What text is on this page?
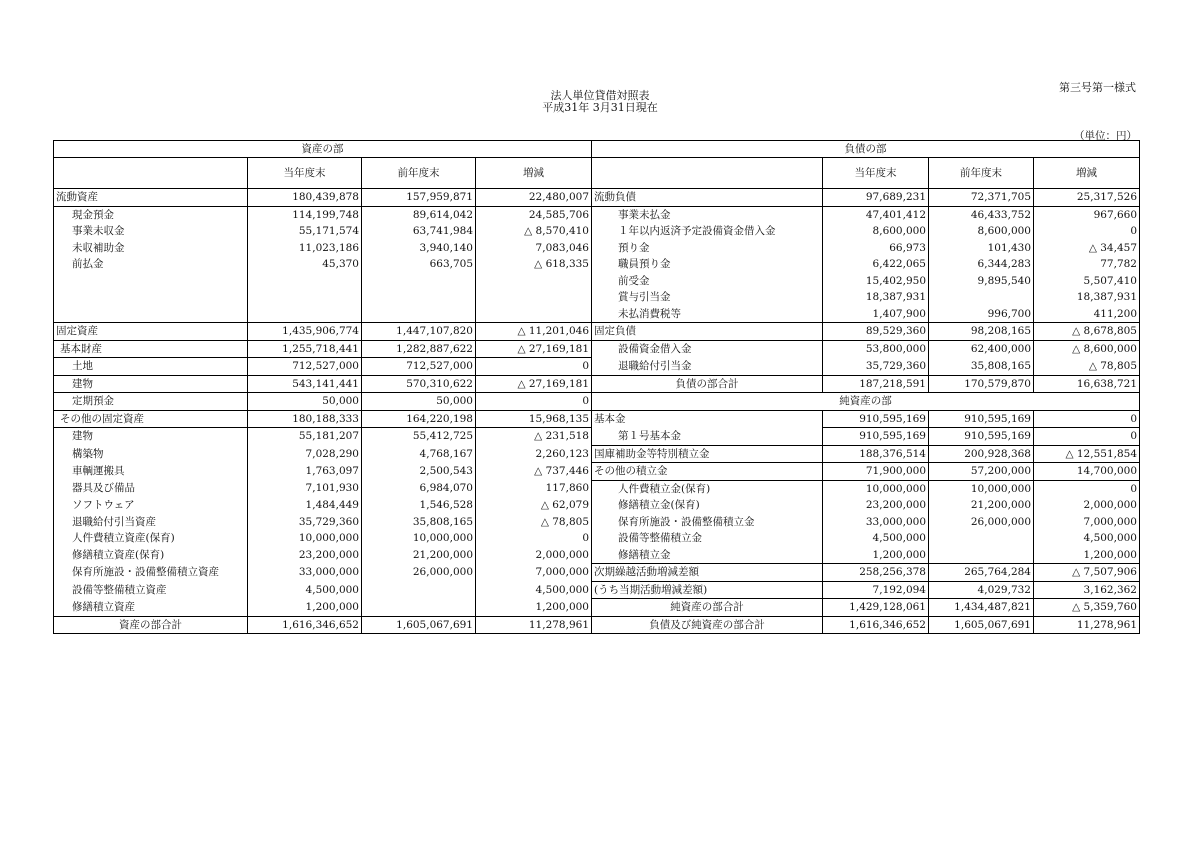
第三号第一様式
法人単位貸借対照表
平成31年 3月31日現在
（単位：円）
資産の部				負債の部			
	当年度末	前年度末	増減		当年度末	前年度末	増減
流動資産	180,439,878	157,959,871	22,480,007	流動負債	97,689,231	72,371,705	25,317,526
現金預金	114,199,748	89,614,042	24,585,706	事業未払金	47,401,412	46,433,752	967,660
事業未収金	55,171,574	63,741,984	△ 8,570,410	１年以内返済予定設備資金借入金	8,600,000	8,600,000	0
未収補助金	11,023,186	3,940,140	7,083,046	預り金	66,973	101,430	△ 34,457
前払金	45,370	663,705	△ 618,335	職員預り金	6,422,065	6,344,283	77,782
				前受金	15,402,950	9,895,540	5,507,410
				賞与引当金	18,387,931		18,387,931
				未払消費税等	1,407,900	996,700	411,200
固定資産	1,435,906,774	1,447,107,820	△ 11,201,046	固定負債	89,529,360	98,208,165	△ 8,678,805
基本財産	1,255,718,441	1,282,887,622	△ 27,169,181	設備資金借入金	53,800,000	62,400,000	△ 8,600,000
土地	712,527,000	712,527,000	0	退職給付引当金	35,729,360	35,808,165	△ 78,805
建物	543,141,441	570,310,622	△ 27,169,181	負債の部合計	187,218,591	170,579,870	16,638,721
定期預金	50,000	50,000	0	純資産の部			
その他の固定資産	180,188,333	164,220,198	15,968,135	基本金	910,595,169	910,595,169	0
建物	55,181,207	55,412,725	△ 231,518	第１号基本金	910,595,169	910,595,169	0
構築物	7,028,290	4,768,167	2,260,123	国庫補助金等特別積立金	188,376,514	200,928,368	△ 12,551,854
車輌運搬具	1,763,097	2,500,543	△ 737,446	その他の積立金	71,900,000	57,200,000	14,700,000
器具及び備品	7,101,930	6,984,070	117,860	人件費積立金(保育)	10,000,000	10,000,000	0
ソフトウェア	1,484,449	1,546,528	△ 62,079	修繕積立金(保育)	23,200,000	21,200,000	2,000,000
退職給付引当資産	35,729,360	35,808,165	△ 78,805	保育所施設・設備整備積立金	33,000,000	26,000,000	7,000,000
人件費積立資産(保育)	10,000,000	10,000,000	0	設備等整備積立金	4,500,000		4,500,000
修繕積立資産(保育)	23,200,000	21,200,000	2,000,000	修繕積立金	1,200,000		1,200,000
保育所施設・設備整備積立資産	33,000,000	26,000,000	7,000,000	次期繰越活動増減差額	258,256,378	265,764,284	△ 7,507,906
設備等整備積立資産	4,500,000		4,500,000	(うち当期活動増減差額)	7,192,094	4,029,732	3,162,362
修繕積立資産	1,200,000		1,200,000	純資産の部合計	1,429,128,061	1,434,487,821	△ 5,359,760
資産の部合計	1,616,346,652	1,605,067,691	11,278,961	負債及び純資産の部合計	1,616,346,652	1,605,067,691	11,278,961
